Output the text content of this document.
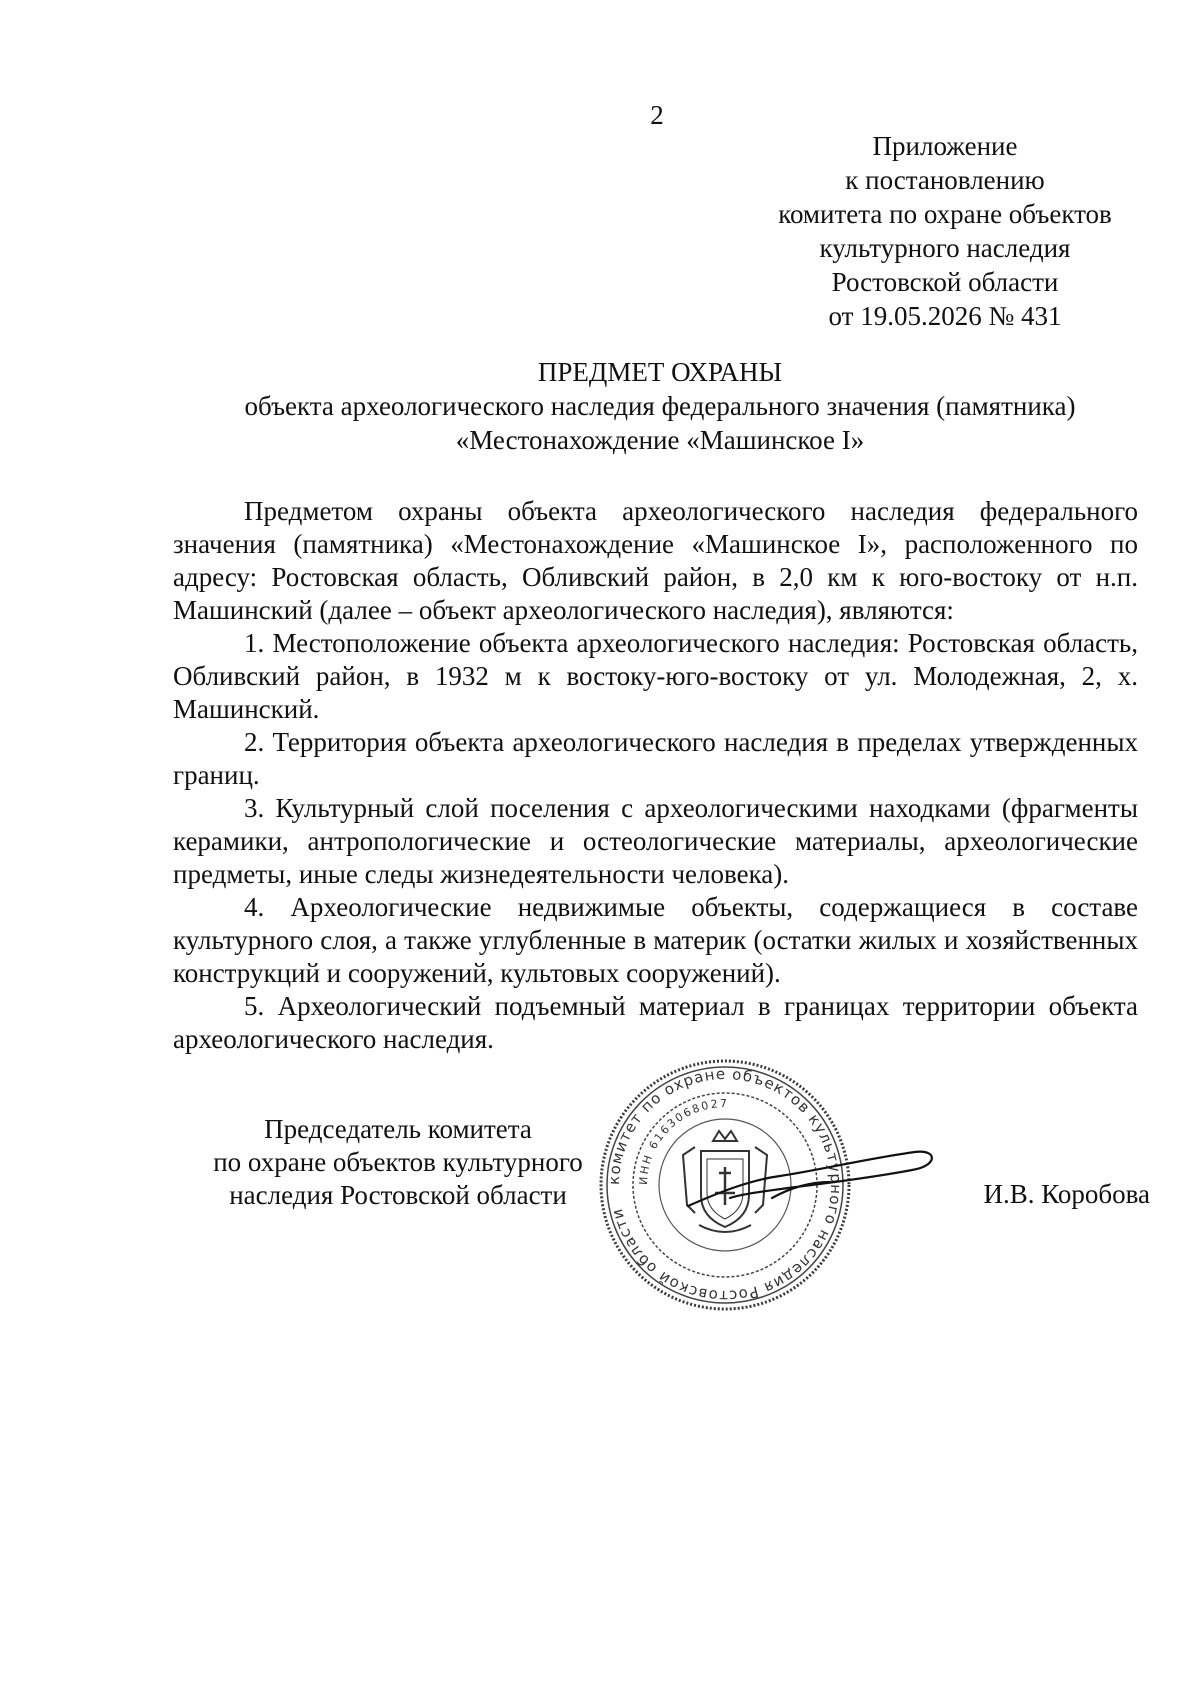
2
Приложение
к постановлению
комитета по охране объектов
культурного наследия
Ростовской области
от 19.05.2026 № 431
ПРЕДМЕТ ОХРАНЫ
объекта археологического наследия федерального значения (памятника)
«Местонахождение «Машинское I»

Предметом охраны объекта археологического наследия федерального значения (памятника) «Местонахождение «Машинское I», расположенного по адресу: Ростовская область, Обливский район, в 2,0 км к юго-востоку от н.п. Машинский (далее – объект археологического наследия), являются:

1. Местоположение объекта археологического наследия: Ростовская область, Обливский район, в 1932 м к востоку-юго-востоку от ул. Молодежная, 2, х. Машинский.

2. Территория объекта археологического наследия в пределах утвержденных границ.

3. Культурный слой поселения с археологическими находками (фрагменты керамики, антропологические и остеологические материалы, археологические предметы, иные следы жизнедеятельности человека).

4. Археологические недвижимые объекты, содержащиеся в составе культурного слоя, а также углубленные в материк (остатки жилых и хозяйственных конструкций и сооружений, культовых сооружений).

5. Археологический подъемный материал в границах территории объекта археологического наследия.

Председатель комитета
по охране объектов культурного
наследия Ростовской области
комитет по охране объектов культурного наследия Ростовской области
ИНН 6163068027
И.В. Коробова
